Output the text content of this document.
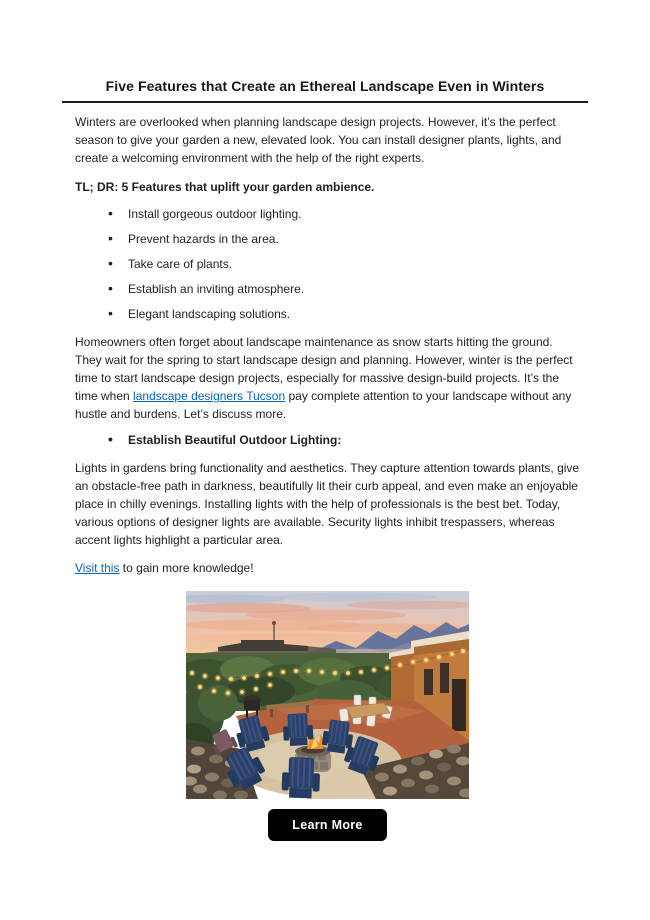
Five Features that Create an Ethereal Landscape Even in Winters

Winters are overlooked when planning landscape design projects. However, it’s the perfect season to give your garden a new, elevated look. You can install designer plants, lights, and create a welcoming environment with the help of the right experts.

TL; DR: 5 Features that uplift your garden ambience.

• Install gorgeous outdoor lighting.
• Prevent hazards in the area.
• Take care of plants.
• Establish an inviting atmosphere.
• Elegant landscaping solutions.

Homeowners often forget about landscape maintenance as snow starts hitting the ground. They wait for the spring to start landscape design and planning. However, winter is the perfect time to start landscape design projects, especially for massive design-build projects. It’s the time when landscape designers Tucson pay complete attention to your landscape without any hustle and burdens. Let’s discuss more.

• Establish Beautiful Outdoor Lighting:

Lights in gardens bring functionality and aesthetics. They capture attention towards plants, give an obstacle-free path in darkness, beautifully lit their curb appeal, and even make an enjoyable place in chilly evenings. Installing lights with the help of professionals is the best bet. Today, various options of designer lights are available. Security lights inhibit trespassers, whereas accent lights highlight a particular area.

Visit this to gain more knowledge!

Learn More
